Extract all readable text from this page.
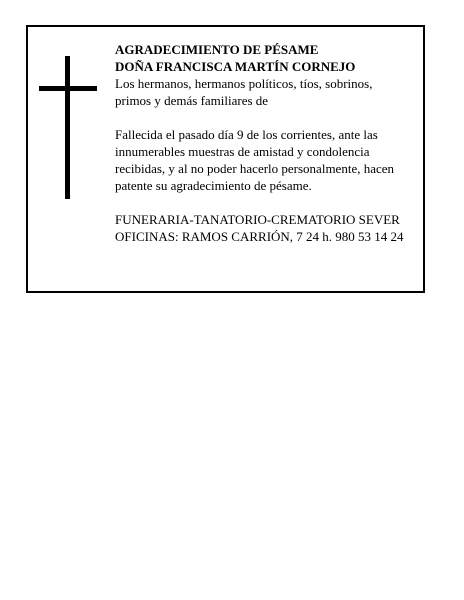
AGRADECIMIENTO DE PÉSAME
DOÑA FRANCISCA MARTÍN CORNEJO
Los hermanos, hermanos políticos, tíos, sobrinos,
primos y demás familiares de
Fallecida el pasado día 9 de los corrientes, ante las
innumerables muestras de amistad y condolencia
recibidas, y al no poder hacerlo personalmente, hacen
patente su agradecimiento de pésame.
FUNERARIA-TANATORIO-CREMATORIO SEVER
OFICINAS: RAMOS CARRIÓN, 7 24 h. 980 53 14 24
